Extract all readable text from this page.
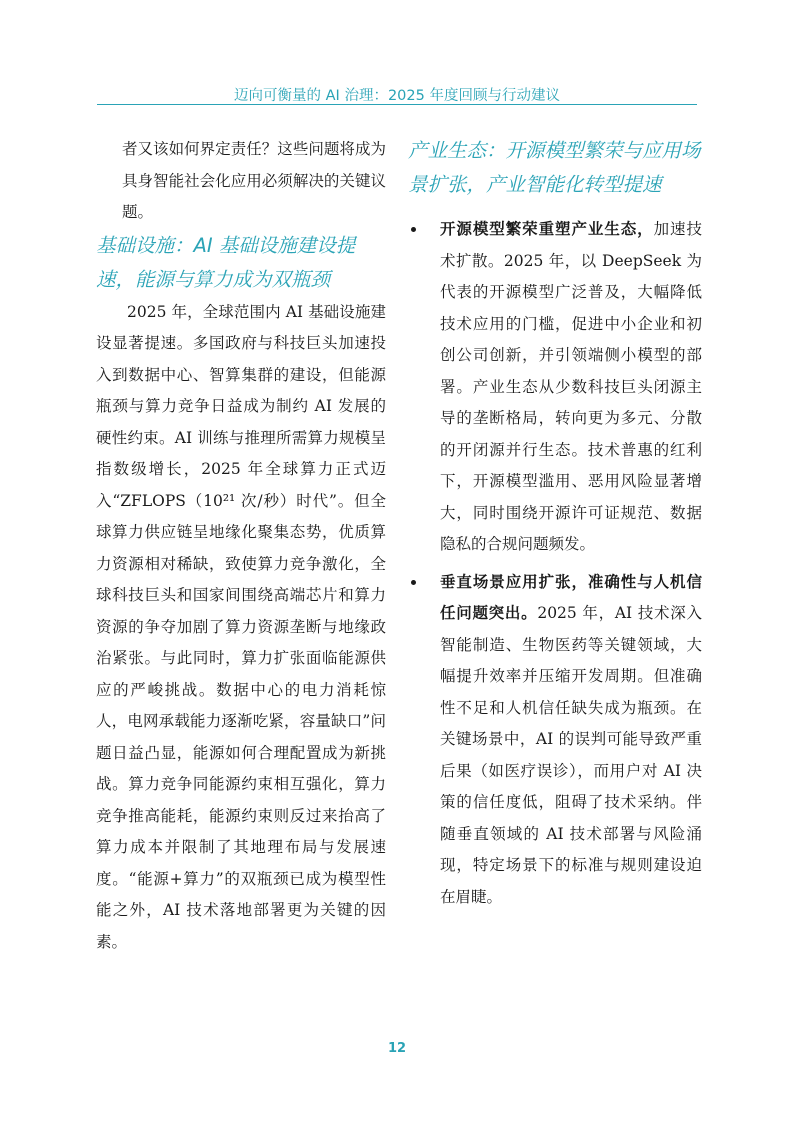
迈向可衡量的 AI 治理：2025 年度回顾与行动建议

者又该如何界定责任？这些问题将成为具身智能社会化应用必须解决的关键议题。

基础设施：AI 基础设施建设提速，能源与算力成为双瓶颈

2025 年，全球范围内 AI 基础设施建设显著提速。多国政府与科技巨头加速投入到数据中心、智算集群的建设，但能源瓶颈与算力竞争日益成为制约 AI 发展的硬性约束。AI 训练与推理所需算力规模呈指数级增长，2025 年全球算力正式迈入“ZFLOPS（10²¹ 次/秒）时代”。但全球算力供应链呈地缘化聚集态势，优质算力资源相对稀缺，致使算力竞争激化，全球科技巨头和国家间围绕高端芯片和算力资源的争夺加剧了算力资源垄断与地缘政治紧张。与此同时，算力扩张面临能源供应的严峻挑战。数据中心的电力消耗惊人，电网承载能力逐渐吃紧，容量缺口”问题日益凸显，能源如何合理配置成为新挑战。算力竞争同能源约束相互强化，算力竞争推高能耗，能源约束则反过来抬高了算力成本并限制了其地理布局与发展速度。“能源+算力”的双瓶颈已成为模型性能之外，AI 技术落地部署更为关键的因素。

产业生态：开源模型繁荣与应用场景扩张，产业智能化转型提速

开源模型繁荣重塑产业生态，加速技术扩散。2025 年，以 DeepSeek 为代表的开源模型广泛普及，大幅降低技术应用的门槛，促进中小企业和初创公司创新，并引领端侧小模型的部署。产业生态从少数科技巨头闭源主导的垄断格局，转向更为多元、分散的开闭源并行生态。技术普惠的红利下，开源模型滥用、恶用风险显著增大，同时围绕开源许可证规范、数据隐私的合规问题频发。

垂直场景应用扩张，准确性与人机信任问题突出。2025 年，AI 技术深入智能制造、生物医药等关键领域，大幅提升效率并压缩开发周期。但准确性不足和人机信任缺失成为瓶颈。在关键场景中，AI 的误判可能导致严重后果（如医疗误诊），而用户对 AI 决策的信任度低，阻碍了技术采纳。伴随垂直领域的 AI 技术部署与风险涌现，特定场景下的标准与规则建设迫在眉睫。

12
